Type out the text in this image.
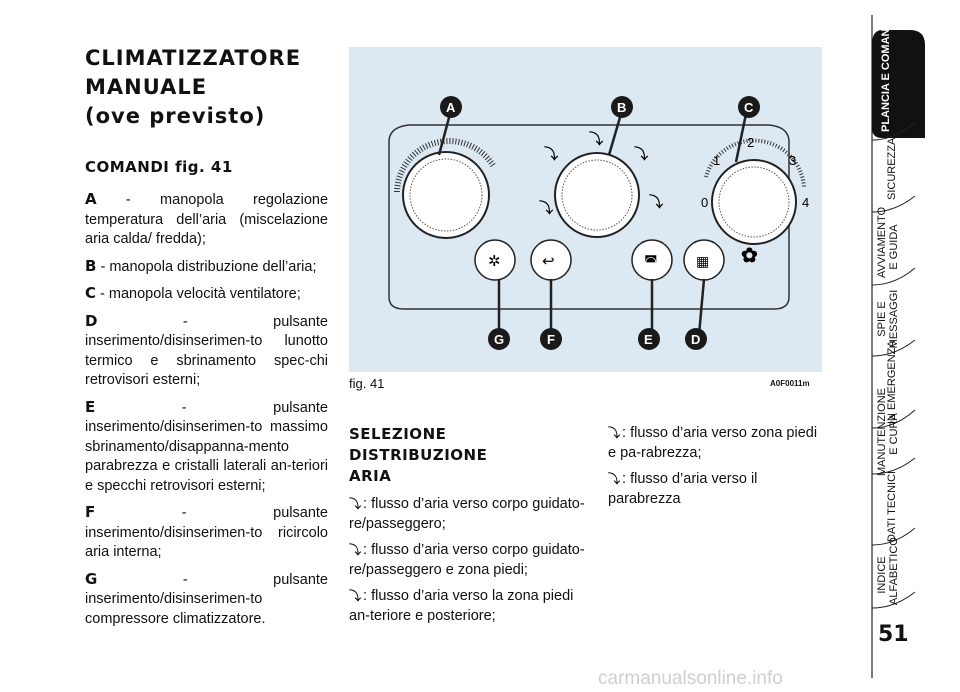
CLIMATIZZATORE
MANUALE
(ove previsto)
COMANDI fig. 41

A - manopola regolazione temperatura dell’aria (miscelazione aria calda/ fredda);

B - manopola distribuzione dell’aria;

C - manopola velocità ventilatore;

D	- pulsante inserimento/disinserimen-to lunotto termico e sbrinamento spec-chi retrovisori esterni;

E	- pulsante inserimento/disinserimen-to massimo sbrinamento/disappanna-mento parabrezza e cristalli laterali an-teriori e specchi retrovisori esterni;

F	- pulsante inserimento/disinserimen-to ricircolo aria interna;

G	- pulsante inserimento/disinserimen-to compressore climatizzatore.

⤵
⤵
⤵
⤵
⤵	0
1
2
3
4
✿
✲	↩	◚	▦
A	B	C
D
E
F
G
fig. 41	A0F0011m
SELEZIONE DISTRIBUZIONE
ARIA

⤵ : flusso d’aria verso corpo guidato-re/passeggero;

⤵ : flusso d’aria verso corpo guidato-re/passeggero e zona piedi;

⤵ : flusso d’aria verso la zona piedi an-teriore e posteriore;

⤵ : flusso d’aria verso zona piedi e pa-rabrezza;

⤵ : flusso d’aria verso il parabrezza

PLANCIA E COMANDI
SICUREZZA
AVVIAMENTO E GUIDA
SPIE E MESSAGGI
IN EMERGENZA
MANUTENZIONE E CURA
DATI TECNICI
INDICE ALFABETICO
51
carmanualsonline.info
